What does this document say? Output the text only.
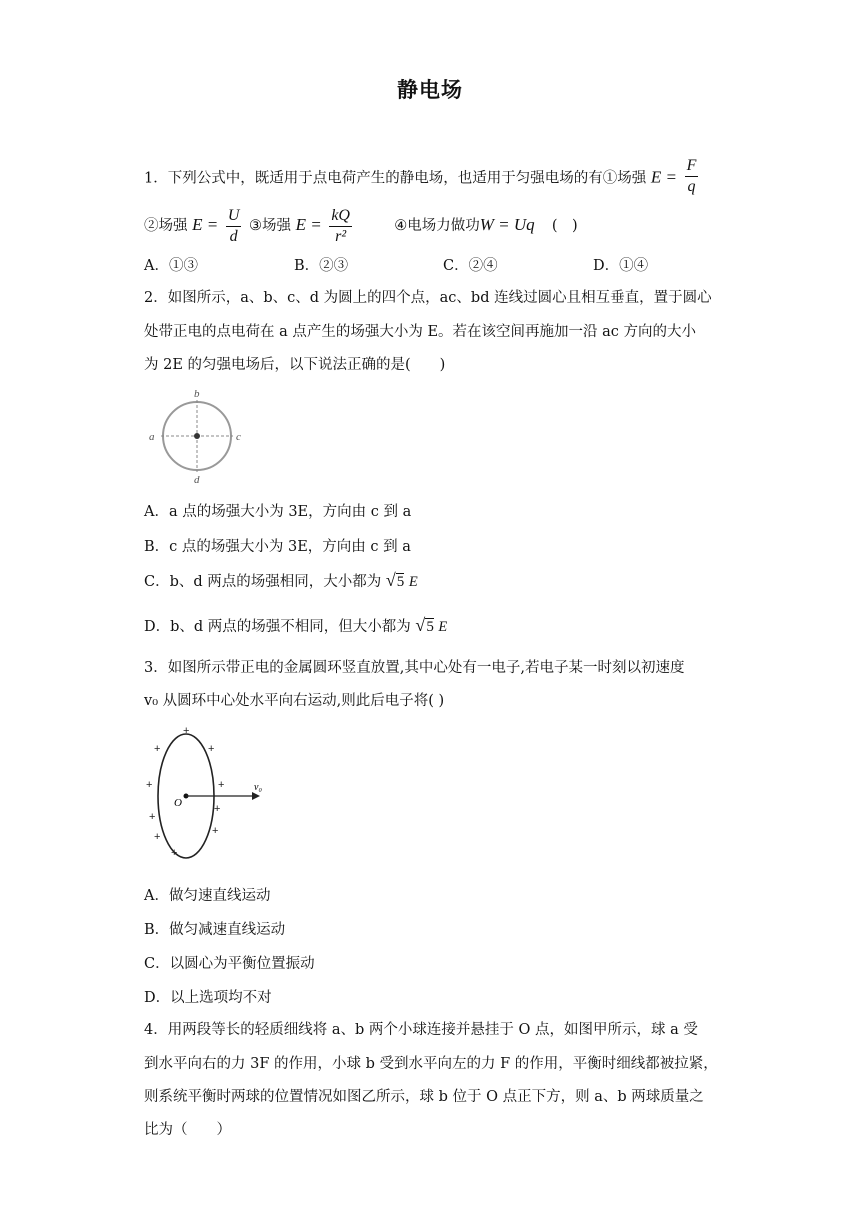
静电场
1．下列公式中，既适用于点电荷产生的静电场，也适用于匀强电场的有①场强 $E = \frac{F}{q}$
②场强 $E = \frac{U}{d}$ ③场强 $E = \frac{kQ}{\text{r²}}$	④电场力做功W = Uq (　)
A．①③	B．②③	C．②④	D．①④
2．如图所示，a、b、c、d 为圆上的四个点，ac、bd 连线过圆心且相互垂直，置于圆心
处带正电的点电荷在 a 点产生的场强大小为 E。若在该空间再施加一沿 ac 方向的大小
为 2E 的匀强电场后，以下说法正确的是(　　)
a	c
b
d
A．a 点的场强大小为 3E，方向由 c 到 a
B．c 点的场强大小为 3E，方向由 c 到 a
C．b、d 两点的场强相同，大小都为 √5 E
D．b、d 两点的场强不相同，但大小都为 √5 E
3．如图所示带正电的金属圆环竖直放置,其中心处有一电子,若电子某一时刻以初速度
v₀ 从圆环中心处水平向右运动,则此后电子将( )
O
v₀
+
+	+
+	+
+
+
+	+
+
A．做匀速直线运动
B．做匀减速直线运动
C．以圆心为平衡位置振动
D．以上选项均不对
4．用两段等长的轻质细线将 a、b 两个小球连接并悬挂于 O 点，如图甲所示，球 a 受
到水平向右的力 3F 的作用，小球 b 受到水平向左的力 F 的作用，平衡时细线都被拉紧，
则系统平衡时两球的位置情况如图乙所示，球 b 位于 O 点正下方，则 a、b 两球质量之
比为（　　）
